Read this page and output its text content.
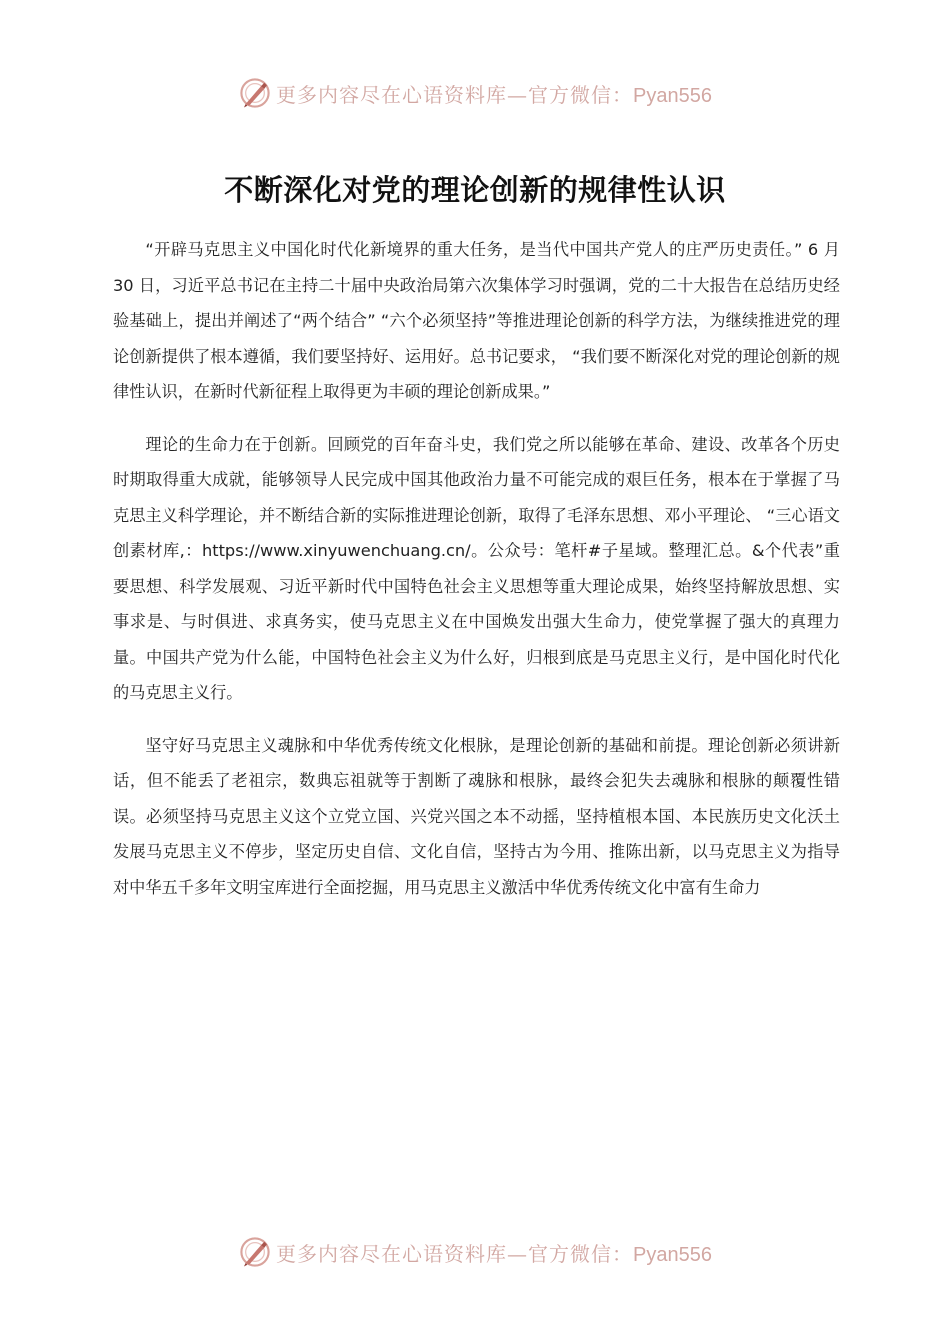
更多内容尽在心语资料库—官方微信：Pyan556
不断深化对党的理论创新的规律性认识

“开辟马克思主义中国化时代化新境界的重大任务，是当代中国共产党人的庄严历史责任。” 6 月 30 日，习近平总书记在主持二十届中央政治局第六次集体学习时强调，党的二十大报告在总结历史经验基础上，提出并阐述了“两个结合” “六个必须坚持”等推进理论创新的科学方法，为继续推进党的理论创新提供了根本遵循，我们要坚持好、运用好。总书记要求， “我们要不断深化对党的理论创新的规律性认识，在新时代新征程上取得更为丰硕的理论创新成果。”

理论的生命力在于创新。回顾党的百年奋斗史，我们党之所以能够在革命、建设、改革各个历史时期取得重大成就，能够领导人民完成中国其他政治力量不可能完成的艰巨任务，根本在于掌握了马克思主义科学理论，并不断结合新的实际推进理论创新，取得了毛泽东思想、邓小平理论、 “三心语文创素材库,：https://www.xinyuwenchuang.cn/。公众号：笔杆#子星域。整理汇总。&个代表”重要思想、科学发展观、习近平新时代中国特色社会主义思想等重大理论成果，始终坚持解放思想、实事求是、与时俱进、求真务实，使马克思主义在中国焕发出强大生命力，使党掌握了强大的真理力量。中国共产党为什么能，中国特色社会主义为什么好，归根到底是马克思主义行，是中国化时代化的马克思主义行。

坚守好马克思主义魂脉和中华优秀传统文化根脉，是理论创新的基础和前提。理论创新必须讲新话，但不能丢了老祖宗，数典忘祖就等于割断了魂脉和根脉，最终会犯失去魂脉和根脉的颠覆性错误。必须坚持马克思主义这个立党立国、兴党兴国之本不动摇，坚持植根本国、本民族历史文化沃土发展马克思主义不停步，坚定历史自信、文化自信，坚持古为今用、推陈出新，以马克思主义为指导对中华五千多年文明宝库进行全面挖掘，用马克思主义激活中华优秀传统文化中富有生命力

更多内容尽在心语资料库—官方微信：Pyan556
